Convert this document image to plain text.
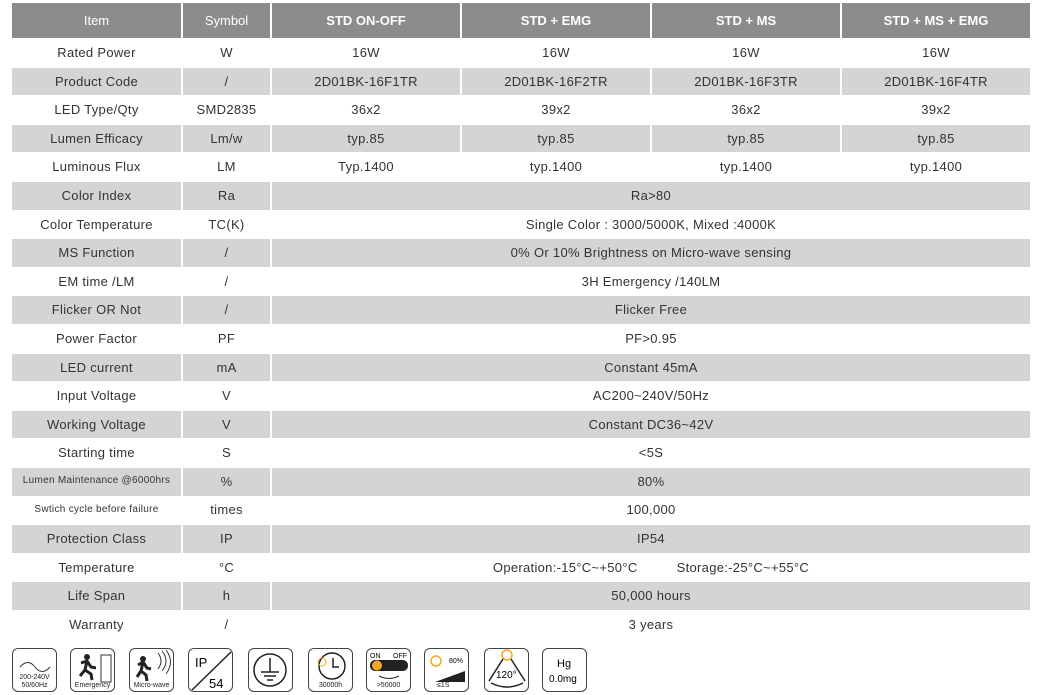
Item	Symbol	STD ON-OFF	STD + EMG	STD + MS	STD + MS + EMG
Rated Power	W	16W	16W	16W	16W
Product Code	/	2D01BK-16F1TR	2D01BK-16F2TR	2D01BK-16F3TR	2D01BK-16F4TR
LED Type/Qty	SMD2835	36x2	39x2	36x2	39x2
Lumen Efficacy	Lm/w	typ.85	typ.85	typ.85	typ.85
Luminous Flux	LM	Typ.1400	typ.1400	typ.1400	typ.1400
Color Index	Ra	Ra>80			
Color Temperature	TC(K)	Single Color : 3000/5000K, Mixed :4000K			
MS Function	/	0% Or 10% Brightness on Micro-wave sensing			
EM time /LM	/	3H Emergency /140LM			
Flicker OR Not	/	Flicker Free			
Power Factor	PF	PF>0.95			
LED current	mA	Constant 45mA			
Input Voltage	V	AC200~240V/50Hz			
Working Voltage	V	Constant DC36~42V			
Starting time	S	<5S			
Lumen Maintenance @6000hrs	%	80%			
Swtich cycle before failure	times	100,000			
Protection Class	IP	IP54			
Temperature	°C	Operation:-15°C~+50°C          Storage:-25°C~+55°C			
Life Span	h	50,000 hours			
Warranty	/	3 years			
200-240V
50/60Hz	Emergency	Micro-wave
IP
54	30000h
ON OFF
>50000
80%
≤1S
120°
Hg
0.0mg
